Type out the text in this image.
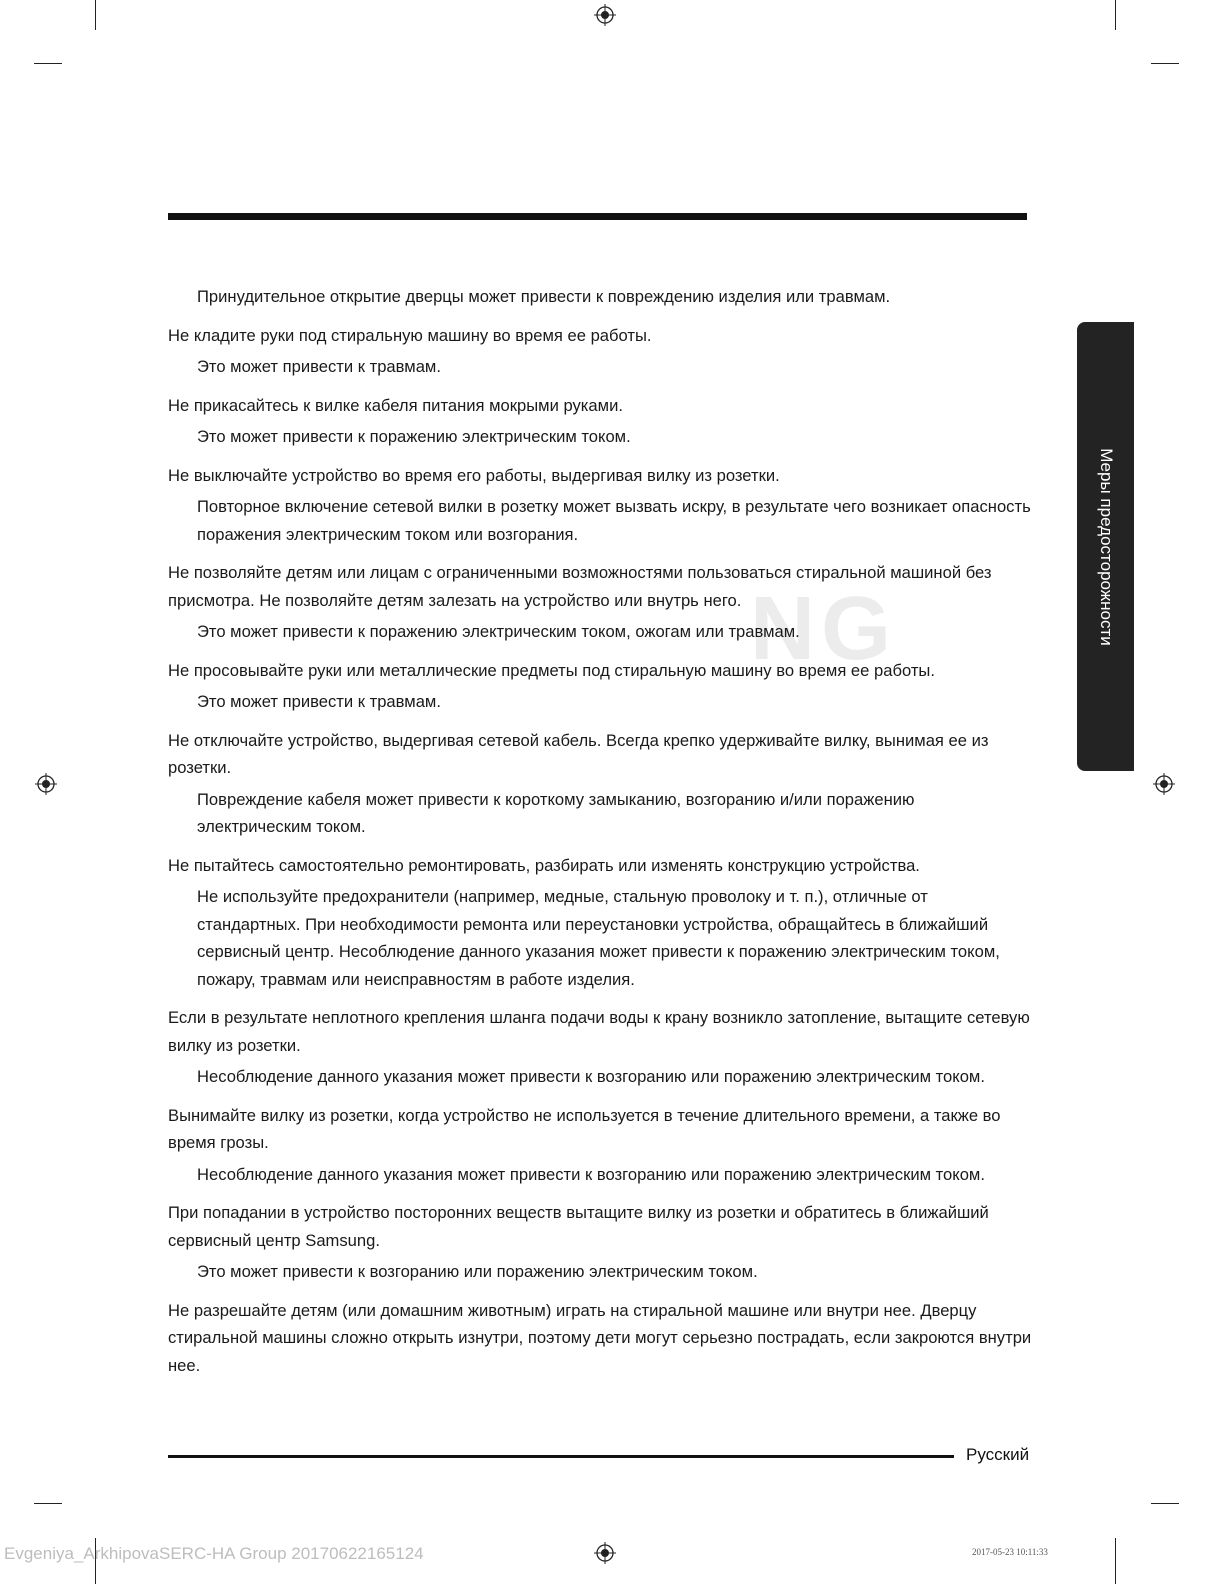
NG	Меры предосторожности

Принудительное открытие дверцы может привести к повреждению изделия или травмам.

Не кладите руки под стиральную машину во время ее работы.

Это может привести к травмам.

Не прикасайтесь к вилке кабеля питания мокрыми руками.

Это может привести к поражению электрическим током.

Не выключайте устройство во время его работы, выдергивая вилку из розетки.

Повторное включение сетевой вилки в розетку может вызвать искру, в результате чего возникает опасность поражения электрическим током или возгорания.

Не позволяйте детям или лицам с ограниченными возможностями пользоваться стиральной машиной без присмотра. Не позволяйте детям залезать на устройство или внутрь него.

Это может привести к поражению электрическим током, ожогам или травмам.

Не просовывайте руки или металлические предметы под стиральную машину во время ее работы.

Это может привести к травмам.

Не отключайте устройство, выдергивая сетевой кабель. Всегда крепко удерживайте вилку, вынимая ее из розетки.

Повреждение кабеля может привести к короткому замыканию, возгоранию и/или поражению электрическим током.

Не пытайтесь самостоятельно ремонтировать, разбирать или изменять конструкцию устройства.

Не используйте предохранители (например, медные, стальную проволоку и т. п.), отличные от стандартных. При необходимости ремонта или переустановки устройства, обращайтесь в ближайший сервисный центр. Несоблюдение данного указания может привести к поражению электрическим током, пожару, травмам или неисправностям в работе изделия.

Если в результате неплотного крепления шланга подачи воды к крану возникло затопление, вытащите сетевую вилку из розетки.

Несоблюдение данного указания может привести к возгоранию или поражению электрическим током.

Вынимайте вилку из розетки, когда устройство не используется в течение длительного времени, а также во время грозы.

Несоблюдение данного указания может привести к возгоранию или поражению электрическим током.

При попадании в устройство посторонних веществ вытащите вилку из розетки и обратитесь в ближайший сервисный центр Samsung.

Это может привести к возгоранию или поражению электрическим током.

Не разрешайте детям (или домашним животным) играть на стиральной машине или внутри нее. Дверцу стиральной машины сложно открыть изнутри, поэтому дети могут серьезно пострадать, если закроются внутри нее.

Русский
Evgeniya_ArkhipovaSERC-HA Group 20170622165124	2017-05-23 10:11:33
